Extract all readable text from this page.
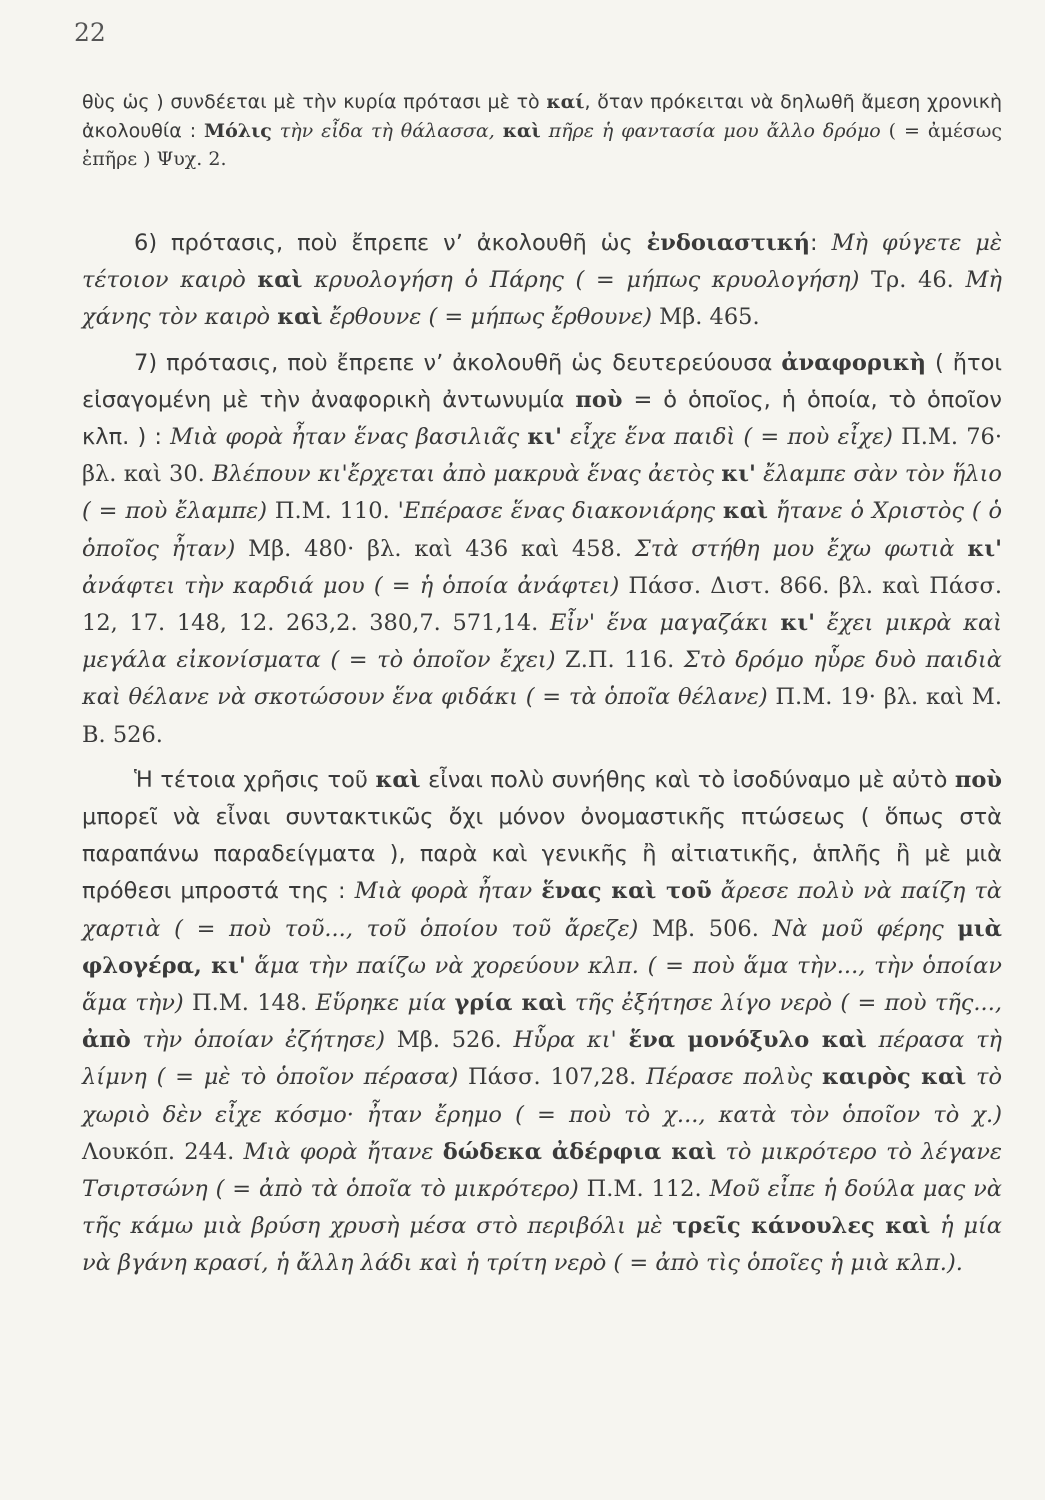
22

θὺς ὡς ) συνδέεται μὲ τὴν κυρία πρότασι μὲ τὸ καί, ὅταν πρόκειται νὰ δηλωθῆ ἄμεση χρονικὴ ἀκολουθία : Μόλις τὴν εἶδα τὴ θάλασσα, καὶ πῆρε ἡ φαντασία μου ἄλλο δρόμο ( = ἀμέσως ἐπῆρε ) Ψυχ. 2.

6) πρότασις, ποὺ ἔπρεπε νʼ ἀκολουθῆ ὡς ἐνδοιαστική: Μὴ φύγετε μὲ τέτοιον καιρὸ καὶ κρυολογήση ὁ Πάρης ( = μήπως κρυολογήση) Τρ. 46. Μὴ χάνης τὸν καιρὸ καὶ ἔρθουνε ( = μήπως ἔρθουνε) Μβ. 465.

7) πρότασις, ποὺ ἔπρεπε νʼ ἀκολουθῆ ὡς δευτερεύουσα ἀναφορικὴ ( ἤτοι εἰσαγομένη μὲ τὴν ἀναφορικὴ ἀντωνυμία ποὺ = ὁ ὁποῖος, ἡ ὁποία, τὸ ὁποῖον κλπ. ) : Μιὰ φορὰ ἦταν ἕνας βασιλιᾶς κι' εἶχε ἕνα παιδὶ ( = ποὺ εἶχε) Π.Μ. 76· βλ. καὶ 30. Βλέπουν κι'ἔρχεται ἀπὸ μακρυὰ ἕνας ἀετὸς κι' ἔλαμπε σὰν τὸν ἥλιο ( = ποὺ ἔλαμπε) Π.Μ. 110. 'Επέρασε ἕνας διακονιάρης καὶ ἤτανε ὁ Χριστὸς ( ὁ ὁποῖος ἦταν) Μβ. 480· βλ. καὶ 436 καὶ 458. Στὰ στήθη μου ἔχω φωτιὰ κι' ἀνάφτει τὴν καρδιά μου ( = ἡ ὁποία ἀνάφτει) Πάσσ. Διστ. 866. βλ. καὶ Πάσσ. 12, 17. 148, 12. 263,2. 380,7. 571,14. Εἶν' ἕνα μαγαζάκι κι' ἔχει μικρὰ καὶ μεγάλα εἰκονίσματα ( = τὸ ὁποῖον ἔχει) Ζ.Π. 116. Στὸ δρόμο ηὗρε δυὸ παιδιὰ καὶ θέλανε νὰ σκοτώσουν ἕνα φιδάκι ( = τὰ ὁποῖα θέλανε) Π.Μ. 19· βλ. καὶ Μ. Β. 526.

Ἡ τέτοια χρῆσις τοῦ καὶ εἶναι πολὺ συνήθης καὶ τὸ ἰσοδύναμο μὲ αὐτὸ ποὺ μπορεῖ νὰ εἶναι συντακτικῶς ὄχι μόνον ὀνομαστικῆς πτώσεως ( ὅπως στὰ παραπάνω παραδείγματα ), παρὰ καὶ γενικῆς ἢ αἰτιατικῆς, ἁπλῆς ἢ μὲ μιὰ πρόθεσι μπροστά της : Μιὰ φορὰ ἦταν ἕνας καὶ τοῦ ἄρεσε πολὺ νὰ παίζη τὰ χαρτιὰ ( = ποὺ τοῦ..., τοῦ ὁποίου τοῦ ἄρεζε) Μβ. 506. Νὰ μοῦ φέρης μιὰ φλογέρα, κι' ἅμα τὴν παίζω νὰ χορεύουν κλπ. ( = ποὺ ἅμα τὴν..., τὴν ὁποίαν ἅμα τὴν) Π.Μ. 148. Εὕρηκε μία γρία καὶ τῆς ἐξήτησε λίγο νερὸ ( = ποὺ τῆς..., ἀπὸ τὴν ὁποίαν ἐζήτησε) Μβ. 526. Ηὗρα κι' ἕνα μονόξυλο καὶ πέρασα τὴ λίμνη ( = μὲ τὸ ὁποῖον πέρασα) Πάσσ. 107,28. Πέρασε πολὺς καιρὸς καὶ τὸ χωριὸ δὲν εἶχε κόσμο· ἦταν ἔρημο ( = ποὺ τὸ χ..., κατὰ τὸν ὁποῖον τὸ χ.) Λουκόπ. 244. Μιὰ φορὰ ἤτανε δώδεκα ἀδέρφια καὶ τὸ μικρότερο τὸ λέγανε Τσιρτσώνη ( = ἀπὸ τὰ ὁποῖα τὸ μικρότερο) Π.Μ. 112. Μοῦ εἶπε ἡ δούλα μας νὰ τῆς κάμω μιὰ βρύση χρυσὴ μέσα στὸ περιβόλι μὲ τρεῖς κάνουλες καὶ ἡ μία νὰ βγάνη κρασί, ἡ ἄλλη λάδι καὶ ἡ τρίτη νερὸ ( = ἀπὸ τὶς ὁποῖες ἡ μιὰ κλπ.).
